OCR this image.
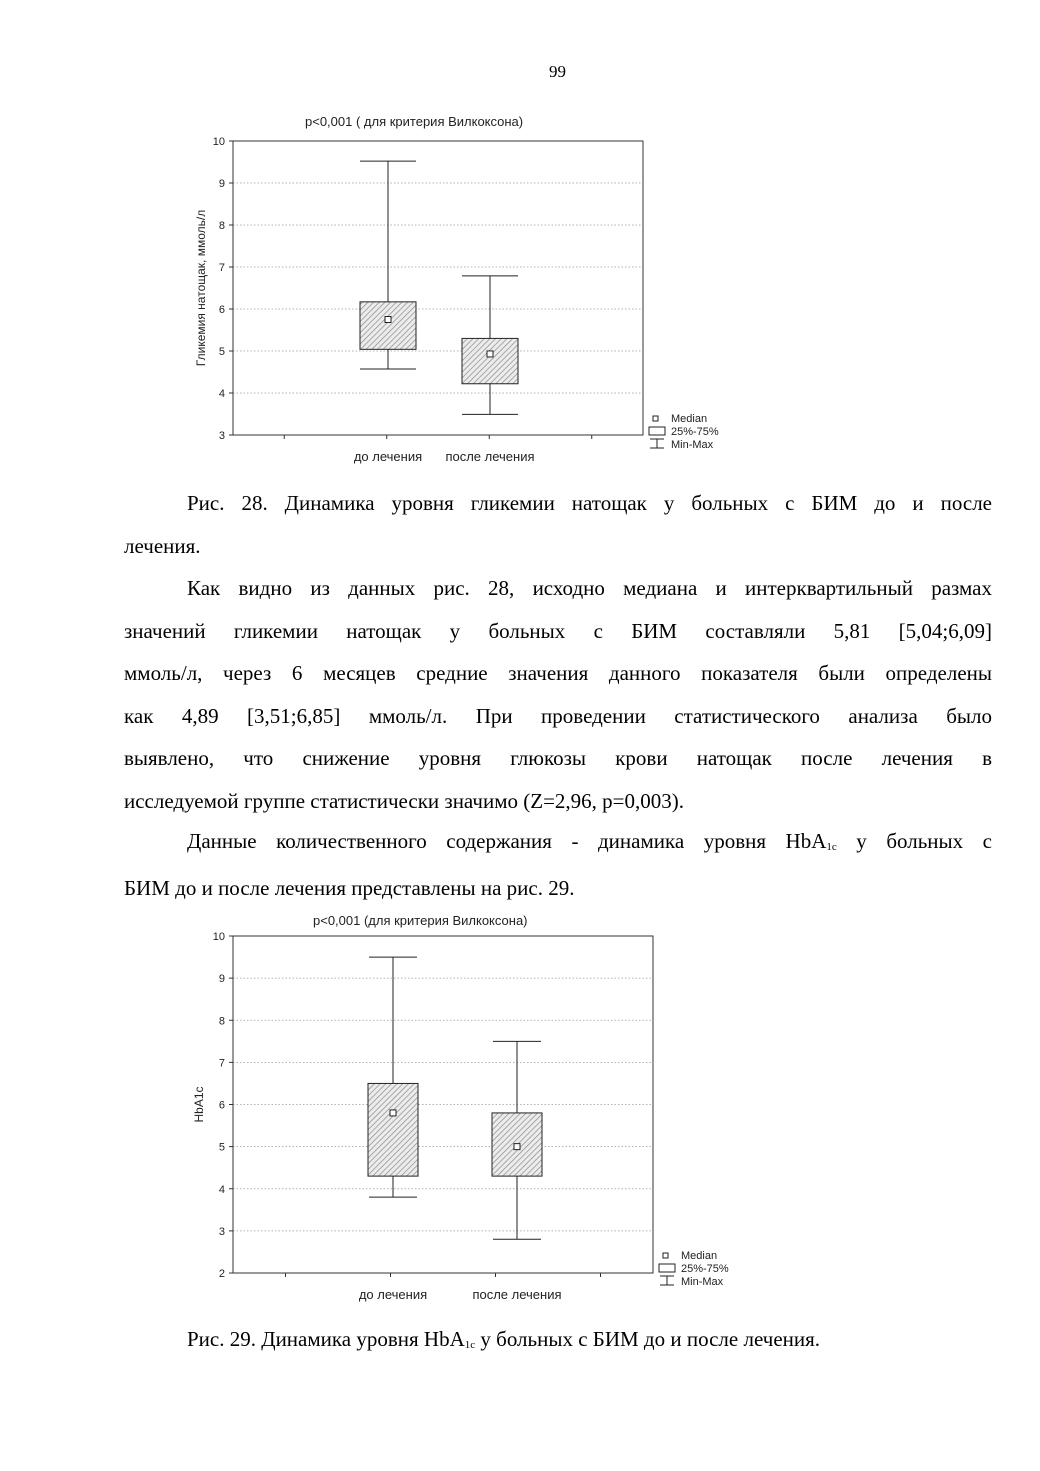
99
p<0,001 ( для критерия Вилкоксона)
3
4
5
6
7
8
9
10
Гликемия натощак, ммоль/л
до лечения после лечения
Median
25%-75%
Min-Max

Рис. 28. Динамика уровня гликемии натощак у больных с БИМ до и после
лечения.

Как видно из данных рис. 28, исходно медиана и интерквартильный размах
значений гликемии натощак у больных с БИМ составляли 5,81 [5,04;6,09]
ммоль/л, через 6 месяцев средние значения данного показателя были определены
как 4,89 [3,51;6,85] ммоль/л. При проведении статистического анализа было
выявлено, что снижение уровня глюкозы крови натощак после лечения в
исследуемой группе статистически значимо (Z=2,96, p=0,003).

Данные количественного содержания - динамика уровня HbA$_{1c}$ у больных с
БИМ до и после лечения представлены на рис. 29.

p<0,001 (для критерия Вилкоксона)
2
3
4
5
6
7
8
9
10
HbA1c
до лечения	после лечения
Median
25%-75%
Min-Max

Рис. 29. Динамика уровня HbA$_{1c}$ у больных с БИМ до и после лечения.
